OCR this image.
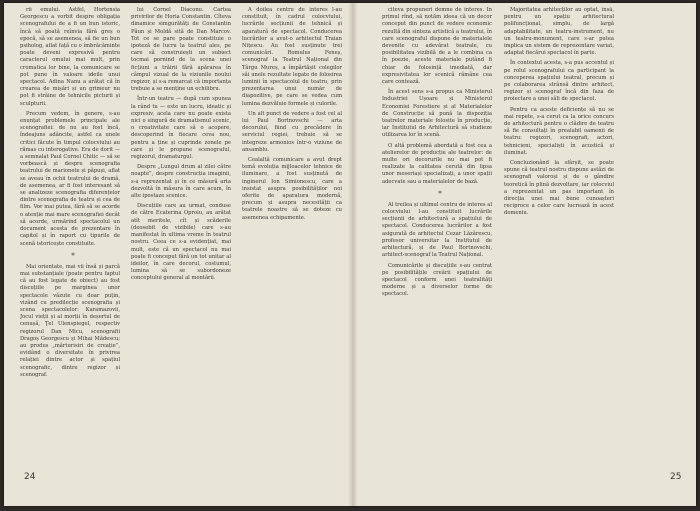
rii emului. Astfel, Hortensia Georgescu a vorbit despre obligația scenografului de a fi un bun istoric, încă să poată reînvia fără greș o epocă, să se asemenea, să fie un bun psiholog, aflat față cu o îmbrăcăminte poate deveni expresivă pentru caracterul omului mai mult, prin cromatica lor bine, la comunicare se pot pune în valoare ideile unui spectacol. Adina Nanu a arătat că în crearea de mișări și un grimeur nu pot fi străine de tehnicile picturii și sculpturii.

Precum vedem, în genere, s-au enunțat problemele principale ale scenografiei: de nu au fost încă, îndeajuns adâncite, astfel ca unele critici făcute în timpul colocviului au rămas cu interogative. Era de dorit — a semnalat Paul Cornel Chitic — să se vorbească și despre scenografia teatrului de marionete și păpuși, aflat se aveau în ochii teatrului de dramă, de asemenea, ar fi fost interesant să se analizeze scenografia diferențelor dintre scenografia de teatru și cea de film. Vor mai putea, fără să se acorde o atenție mai mare scenografiei decât să acorde, urmărind spectacolul un document acesta de prezentare în capitol și în raport cu tipurile de scenă istoricește constituite.

*

Mai orientate, mai vii însă și parcă mai substanțiale (poate pentru faptul că au fost legate de obiect) au fost discuțiile pe marginea unor spectacole văzute cu doar puțin, vizând cu predilecție scenografia și scena spectacolelor: Karamazovii, Jocul vieții și al morții în deșertul de cenușă, Ţel Ulenspiegel, respectiv regizorul Dan Micu, scenografii Dragoș Georgescu și Mihai Mădescu; au produs „mărturisiri de creație”, evidând o diversitate în privirea relației dintre actor și spațiul scenografic, dintre regizor și scenograf.

lui Cornel Diaconu. Cartea privirilor de Horia Constantin. Cîteva dinamice simgurătăți de Constantin Păun și Moldă sită de Dan Marcov. Tot ce se pare poate constituie o ipoteză de lucru la teatrul ales, pe care să construiești un subiect tocmai pornind de la scena unei ficțiuni a trăirii fără apărarea în câmpul vizual de la viziunile noului regizor, și s-a remarcat că importanța trebuie a se menține un echilibru.

Într-un teatru — după cum spunea la rând tu — este un lucru, ideatic și expresiv, acela care nu poate exista nici o singură de dramatismul scenic, o creativitate care să o acopere, descoperind în fiecare ceva nou, pentru a ține și cuprinde zonele pe care și le propune scenograful, regizorul, dramaturgul.

Despre „Lungul drum al zilei către noapte”, despre construcția imaginii, s-a reprezentat și în ce măsură arta dezvoltă în măsura în care acum, în alte ipostaze scenice.

Discuțiile care au urmat, conduse de către Ecaterina Oproiu, au arătat atît meritele, cît și scăderile (deosebit de vizibile) care s-au manifestat în ultima vreme în teatrul nostru. Ceea ce s-a evidențiat, mai mult, este că un spectacol nu mai poate fi conceput fără un tot unitar al ideilor, în care decorul, costumul, lumina să se subordoneze conceptului general al montării.

A doilea centru de interes l-au constituit, în cadrul colocviului, lucrările secțiunii de tehnică și aparatură de spectacol. Conducerea lucrărilor a avut-o arhitectul Traian Nițescu. Au fost susținute trei comunicări. Romulus Feneș, scenograf la Teatrul Național din Târgu Mureș, a împărtășit colegilor săi unele rezultate legate de folosirea luminii în spectacolul de teatru, prin prezentarea unui număr de diapozitive, pe care se vedea cum lumina dezvăluie formele și culorile.

Un alt punct de vedere a fost cel al lui Paul Bortnovschi — arta decorului, fiind cu precădere în serviciul regiei, trebuie să se integreze armonios într-o viziune de ansamblu.

Cealaltă comunicare a avut drept temă evoluția mijloacelor tehnice de iluminare, a fost susținută de inginerul Ion Simionescu, care a insistat asupra posibilităților noi oferite de aparatura modernă, precum și asupra necesității ca teatrele noastre să se doteze cu asemenea echipamente.

24

citeva propuneri demne de interes. În primul rînd, să notăm ideea că un decor conceput din punct de vedere economic rezultă din sinteza artistică a teatrului, în care scenograful dispune de materialele devenite cu adevărat teatrale, cu posibilitatea vizibilă de a le combina ca în poezie, aceste materiale putând fi chiar de folosință imediată, dar expresivitatea lor scenică rămâne cea care contează.

În acest sens s-a propus ca Ministerul Industriei Ușoare și Ministerul Economiei Forestiere și al Materialelor de Construcție să pună la dispoziția teatrelor materiale folosite în producție, iar Institutul de Arhitectură să studieze utilizarea lor în scenă.

O altă problemă abordată a fost cea a atelierelor de producție ale teatrelor: de multe ori decorurile nu mai pot fi realizate la calitatea cerută din lipsa unor meseriași specializați, a unor spații adecvate sau a materialelor de bază.

*

Al treilea și ultimul centru de interes al colocviului l-au constituit lucrările secțiunii de arhitectură a spațiului de spectacol. Conducerea lucrărilor a fost asigurată de arhitectul Cezar Lăzărescu, profesor universitar la Institutul de arhitectură, și de Paul Bortnovschi, arhitect-scenograf la Teatrul Național.

Comunicările și discuțiile s-au centrat pe posibilitățile creării spațiului de spectacol conform unei teatralități moderne și a diverselor forme de spectacol.

Majoritatea arhitecților au optat, însă, pentru un spațiu arhitectural polifuncțional, simplu, de largă adaptabilitate, un teatru-instrument, nu un teatru-monument, care s-ar putea implica un sistem de reprezentare variat, adaptat fiecărui spectacol în parte.

În contextul acesta, s-a pus accentul și pe rolul scenografului ca participant la conceperea spațiului teatral, precum și pe colaborarea strânsă dintre arhitect, regizor și scenograf încă din faza de proiectare a unei săli de spectacol.

Pentru ca aceste deficiențe să nu se mai repete, s-a cerut ca la orice concurs de arhitectură pentru o clădire de teatru să fie consultați în prealabil oamenii de teatru: regizori, scenografi, actori, tehnicieni, specialiști în acustică și iluminat.

Concluzionând la sfârșit, se poate spune că teatrul nostru dispune astăzi de scenografi valoroși și de o gândire teoretică în plină dezvoltare, iar colocviul a reprezentat un pas important în direcția unei mai bune cunoașteri reciproce a celor care lucrează în acest domeniu.

25
